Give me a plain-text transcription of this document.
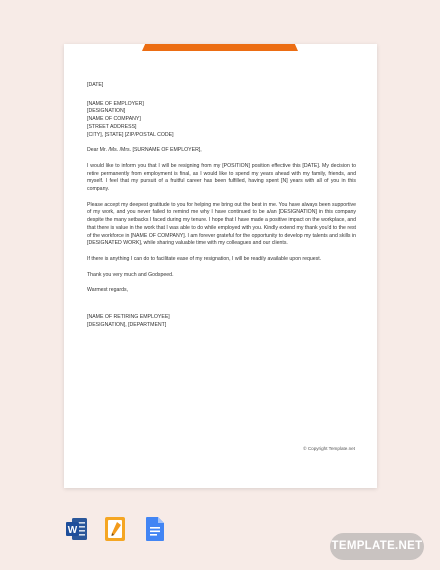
[DATE]

[NAME OF EMPLOYER]

[DESIGNATION]

[NAME OF COMPANY]

[STREET ADDRESS]

[CITY], [STATE] [ZIP/POSTAL CODE]

Dear Mr. /Ms. /Mrs. [SURNAME OF EMPLOYER],

I would like to inform you that I will be resigning from my [POSITION] position effective this [DATE]. My decision to retire permanently from employment is final, as I would like to spend my years ahead with my family, friends, and myself. I feel that my pursuit of a fruitful career has been fulfilled, having spent [N] years with all of you in this company.

Please accept my deepest gratitude to you for helping me bring out the best in me. You have always been supportive of my work, and you never failed to remind me why I have continued to be a/an [DESIGNATION] in this company despite the many setbacks I faced during my tenure. I hope that I have made a positive impact on the workplace, and that there is value in the work that I was able to do while employed with you. Kindly extend my thank you'd to the rest of the workforce in [NAME OF COMPANY]. I am forever grateful for the opportunity to develop my talents and skills in [DESIGNATED WORK], while sharing valuable time with my colleagues and our clients.

If there is anything I can do to facilitate ease of my resignation, I will be readily available upon request.

Thank you very much and Godspeed.

Warmest regards,

[NAME OF RETIRING EMPLOYEE]

[DESIGNATION], [DEPARTMENT]

© Copyright Template.net
W
TEMPLATE.NET
